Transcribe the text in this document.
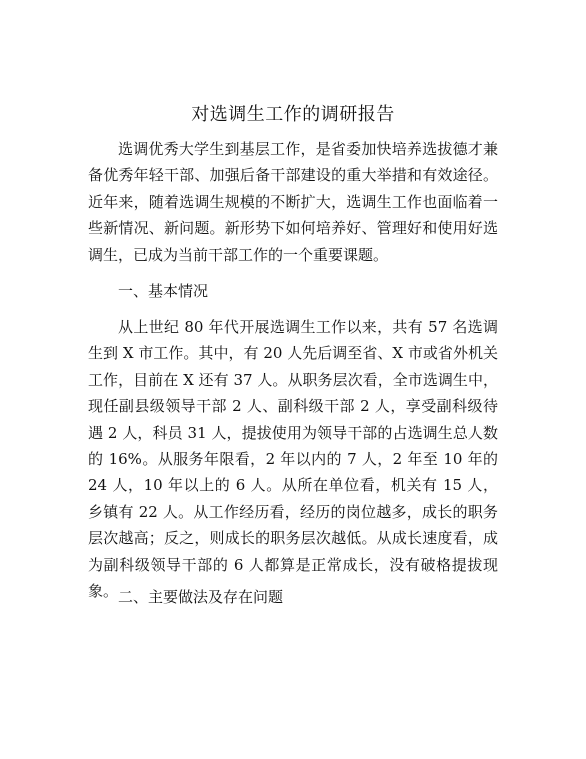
对选调生工作的调研报告

选调优秀大学生到基层工作，是省委加快培养选拔德才兼备优秀年轻干部、加强后备干部建设的重大举措和有效途径。近年来，随着选调生规模的不断扩大，选调生工作也面临着一些新情况、新问题。新形势下如何培养好、管理好和使用好选调生，已成为当前干部工作的一个重要课题。

一、基本情况

从上世纪 80 年代开展选调生工作以来，共有 57 名选调生到 X 市工作。其中，有 20 人先后调至省、X 市或省外机关工作，目前在 X 还有 37 人。从职务层次看，全市选调生中，现任副县级领导干部 2 人、副科级干部 2 人，享受副科级待遇 2 人，科员 31 人，提拔使用为领导干部的占选调生总人数的 16%。从服务年限看，2 年以内的 7 人，2 年至 10 年的 24 人，10 年以上的 6 人。从所在单位看，机关有 15 人，乡镇有 22 人。从工作经历看，经历的岗位越多，成长的职务层次越高；反之，则成长的职务层次越低。从成长速度看，成为副科级领导干部的 6 人都算是正常成长，没有破格提拔现象。 二、主要做法及存在问题
